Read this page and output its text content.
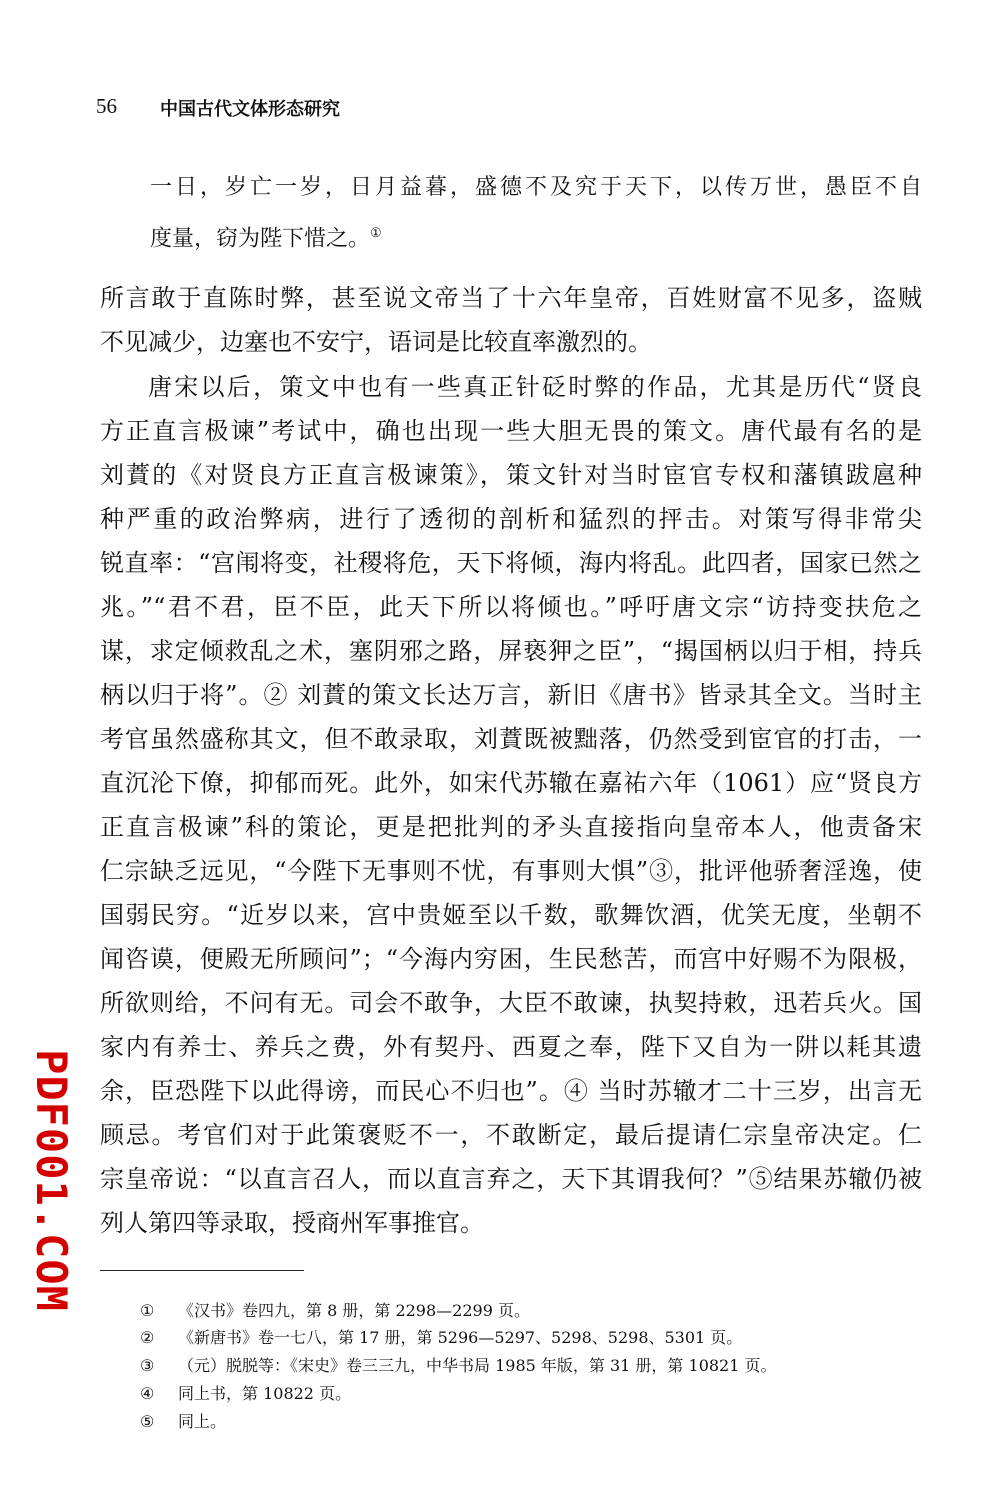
56 中国古代文体形态研究
一日，岁亡一岁，日月益暮，盛德不及究于天下，以传万世，愚臣不自
度量，窃为陛下惜之。①
所言敢于直陈时弊，甚至说文帝当了十六年皇帝，百姓财富不见多，盗贼
不见减少，边塞也不安宁，语词是比较直率激烈的。
唐宋以后，策文中也有一些真正针砭时弊的作品，尤其是历代“贤良
方正直言极谏”考试中，确也出现一些大胆无畏的策文。唐代最有名的是
刘蕡的《对贤良方正直言极谏策》，策文针对当时宦官专权和藩镇跋扈种
种严重的政治弊病，进行了透彻的剖析和猛烈的抨击。对策写得非常尖
锐直率：“宫闱将变，社稷将危，天下将倾，海内将乱。此四者，国家已然之
兆。”“君不君，臣不臣，此天下所以将倾也。”呼吁唐文宗“访持变扶危之
谋，求定倾救乱之术，塞阴邪之路，屏亵狎之臣”，“揭国柄以归于相，持兵
柄以归于将”。② 刘蕡的策文长达万言，新旧《唐书》皆录其全文。当时主
考官虽然盛称其文，但不敢录取，刘蕡既被黜落，仍然受到宦官的打击，一
直沉沦下僚，抑郁而死。此外，如宋代苏辙在嘉祐六年（1061）应“贤良方
正直言极谏”科的策论，更是把批判的矛头直接指向皇帝本人，他责备宋
仁宗缺乏远见，“今陛下无事则不忧，有事则大惧”③，批评他骄奢淫逸，使
国弱民穷。“近岁以来，宫中贵姬至以千数，歌舞饮酒，优笑无度，坐朝不
闻咨谟，便殿无所顾问”；“今海内穷困，生民愁苦，而宫中好赐不为限极，
所欲则给，不问有无。司会不敢争，大臣不敢谏，执契持敕，迅若兵火。国
家内有养士、养兵之费，外有契丹、西夏之奉，陛下又自为一阱以耗其遗
余，臣恐陛下以此得谤，而民心不归也”。④ 当时苏辙才二十三岁，出言无
顾忌。考官们对于此策褒贬不一，不敢断定，最后提请仁宗皇帝决定。仁
宗皇帝说：“以直言召人，而以直言弃之，天下其谓我何？”⑤结果苏辙仍被
列人第四等录取，授商州军事推官。
① 《汉书》卷四九，第 8 册，第 2298—2299 页。
② 《新唐书》卷一七八，第 17 册，第 5296—5297、5298、5298、5301 页。
③ （元）脱脱等：《宋史》卷三三九，中华书局 1985 年版，第 31 册，第 10821 页。
④ 同上书，第 10822 页。
⑤ 同上。
PDF001.COM
